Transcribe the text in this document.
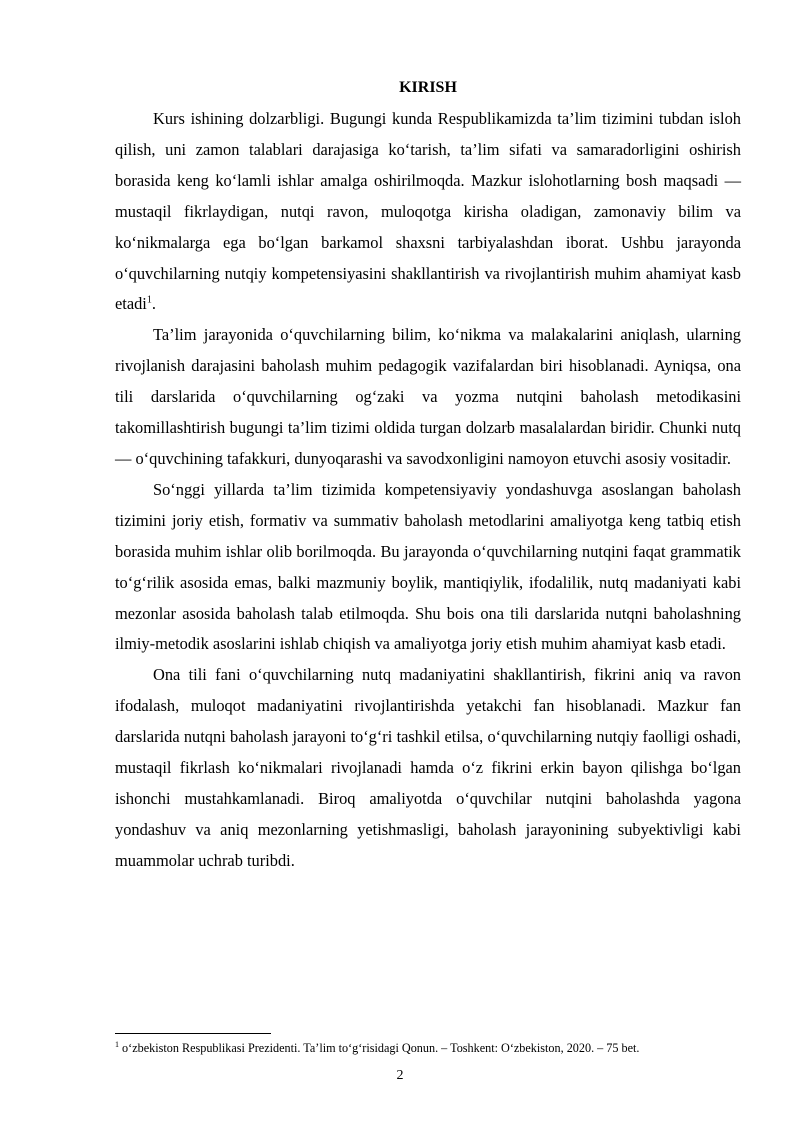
KIRISH

Kurs ishining dolzarbligi. Bugungi kunda Respublikamizda ta’lim tizimini tubdan isloh qilish, uni zamon talablari darajasiga ko‘tarish, ta’lim sifati va samaradorligini oshirish borasida keng ko‘lamli ishlar amalga oshirilmoqda. Mazkur islohotlarning bosh maqsadi — mustaqil fikrlaydigan, nutqi ravon, muloqotga kirisha oladigan, zamonaviy bilim va ko‘nikmalarga ega bo‘lgan barkamol shaxsni tarbiyalashdan iborat. Ushbu jarayonda o‘quvchilarning nutqiy kompetensiyasini shakllantirish va rivojlantirish muhim ahamiyat kasb etadi$^1$.

Ta’lim jarayonida o‘quvchilarning bilim, ko‘nikma va malakalarini aniqlash, ularning rivojlanish darajasini baholash muhim pedagogik vazifalardan biri hisoblanadi. Ayniqsa, ona tili darslarida o‘quvchilarning og‘zaki va yozma nutqini baholash metodikasini takomillashtirish bugungi ta’lim tizimi oldida turgan dolzarb masalalardan biridir. Chunki nutq — o‘quvchining tafakkuri, dunyoqarashi va savodxonligini namoyon etuvchi asosiy vositadir.

So‘nggi yillarda ta’lim tizimida kompetensiyaviy yondashuvga asoslangan baholash tizimini joriy etish, formativ va summativ baholash metodlarini amaliyotga keng tatbiq etish borasida muhim ishlar olib borilmoqda. Bu jarayonda o‘quvchilarning nutqini faqat grammatik to‘g‘rilik asosida emas, balki mazmuniy boylik, mantiqiylik, ifodalilik, nutq madaniyati kabi mezonlar asosida baholash talab etilmoqda. Shu bois ona tili darslarida nutqni baholashning ilmiy-metodik asoslarini ishlab chiqish va amaliyotga joriy etish muhim ahamiyat kasb etadi.

Ona tili fani o‘quvchilarning nutq madaniyatini shakllantirish, fikrini aniq va ravon ifodalash, muloqot madaniyatini rivojlantirishda yetakchi fan hisoblanadi. Mazkur fan darslarida nutqni baholash jarayoni to‘g‘ri tashkil etilsa, o‘quvchilarning nutqiy faolligi oshadi, mustaqil fikrlash ko‘nikmalari rivojlanadi hamda o‘z fikrini erkin bayon qilishga bo‘lgan ishonchi mustahkamlanadi. Biroq amaliyotda o‘quvchilar nutqini baholashda yagona yondashuv va aniq mezonlarning yetishmasligi, baholash jarayonining subyektivligi kabi muammolar uchrab turibdi.

$^1$ o‘zbekiston Respublikasi Prezidenti. Ta’lim to‘g‘risidagi Qonun. – Toshkent: O‘zbekiston, 2020. – 75 bet.
2
